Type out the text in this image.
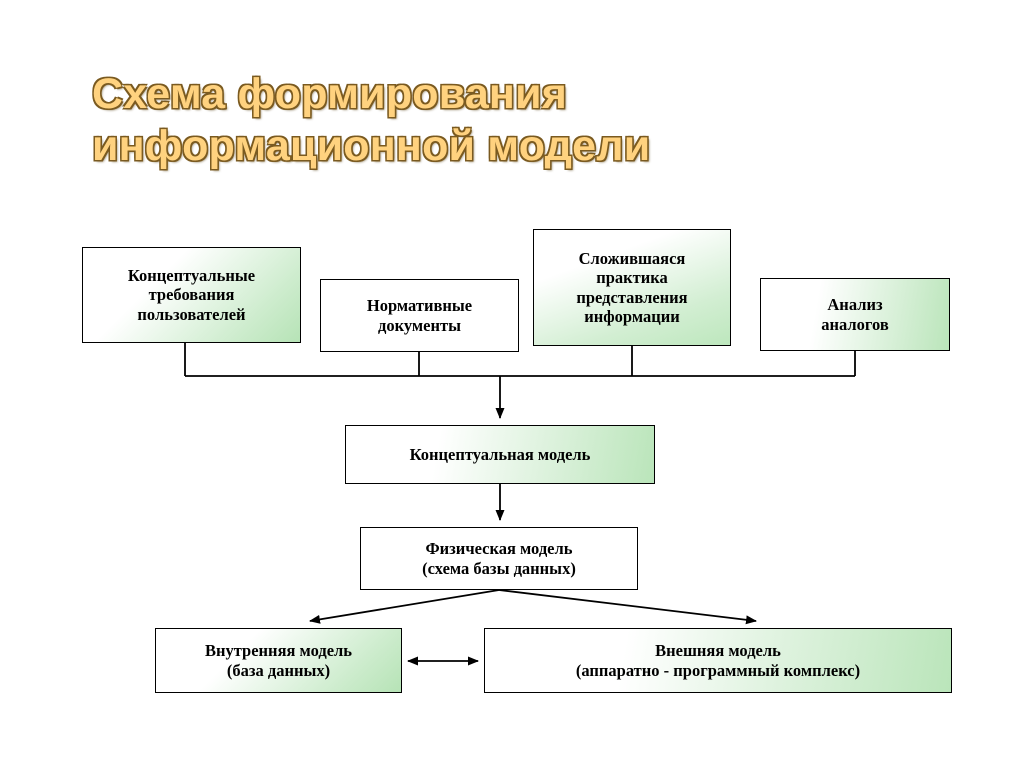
Схема формирования информационной модели
Концептуальные
требования
пользователей	Нормативные
документы
Сложившаяся
практика
представления
информации
Анализ
аналогов
Концептуальная модель
Физическая модель
(схема базы данных)
Внутренняя модель
(база данных)
Внешняя модель
(аппаратно - программный комплекс)
